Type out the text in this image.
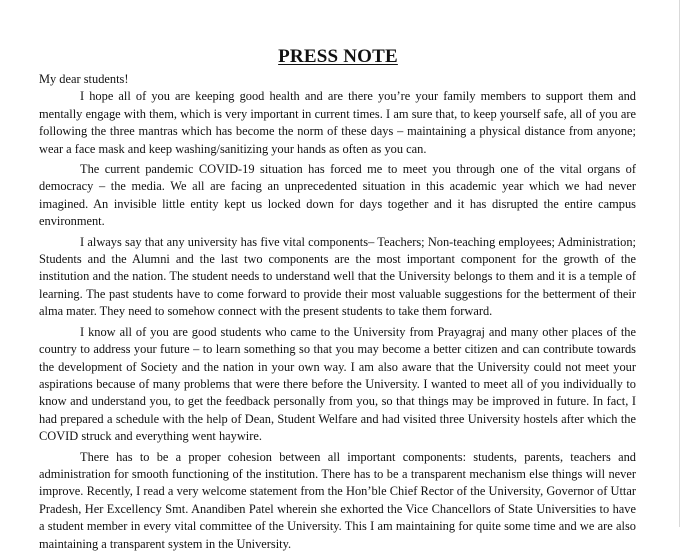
PRESS NOTE

My dear students!

I hope all of you are keeping good health and are there you’re your family members to support them and mentally engage with them, which is very important in current times. I am sure that, to keep yourself safe, all of you are following the three mantras which has become the norm of these days – maintaining a physical distance from anyone; wear a face mask and keep washing/sanitizing your hands as often as you can.

The current pandemic COVID-19 situation has forced me to meet you through one of the vital organs of democracy – the media. We all are facing an unprecedented situation in this academic year which we had never imagined. An invisible little entity kept us locked down for days together and it has disrupted the entire campus environment.

I always say that any university has five vital components– Teachers; Non-teaching employees; Administration; Students and the Alumni and the last two components are the most important component for the growth of the institution and the nation. The student needs to understand well that the University belongs to them and it is a temple of learning. The past students have to come forward to provide their most valuable suggestions for the betterment of their alma mater. They need to somehow connect with the present students to take them forward.

I know all of you are good students who came to the University from Prayagraj and many other places of the country to address your future – to learn something so that you may become a better citizen and can contribute towards the development of Society and the nation in your own way. I am also aware that the University could not meet your aspirations because of many problems that were there before the University. I wanted to meet all of you individually to know and understand you, to get the feedback personally from you, so that things may be improved in future. In fact, I had prepared a schedule with the help of Dean, Student Welfare and had visited three University hostels after which the COVID struck and everything went haywire.

There has to be a proper cohesion between all important components: students, parents, teachers and administration for smooth functioning of the institution. There has to be a transparent mechanism else things will never improve. Recently, I read a very welcome statement from the Hon’ble Chief Rector of the University, Governor of Uttar Pradesh, Her Excellency Smt. Anandiben Patel wherein she exhorted the Vice Chancellors of State Universities to have a student member in every vital committee of the University. This I am maintaining for quite some time and we are also maintaining a transparent system in the University.
